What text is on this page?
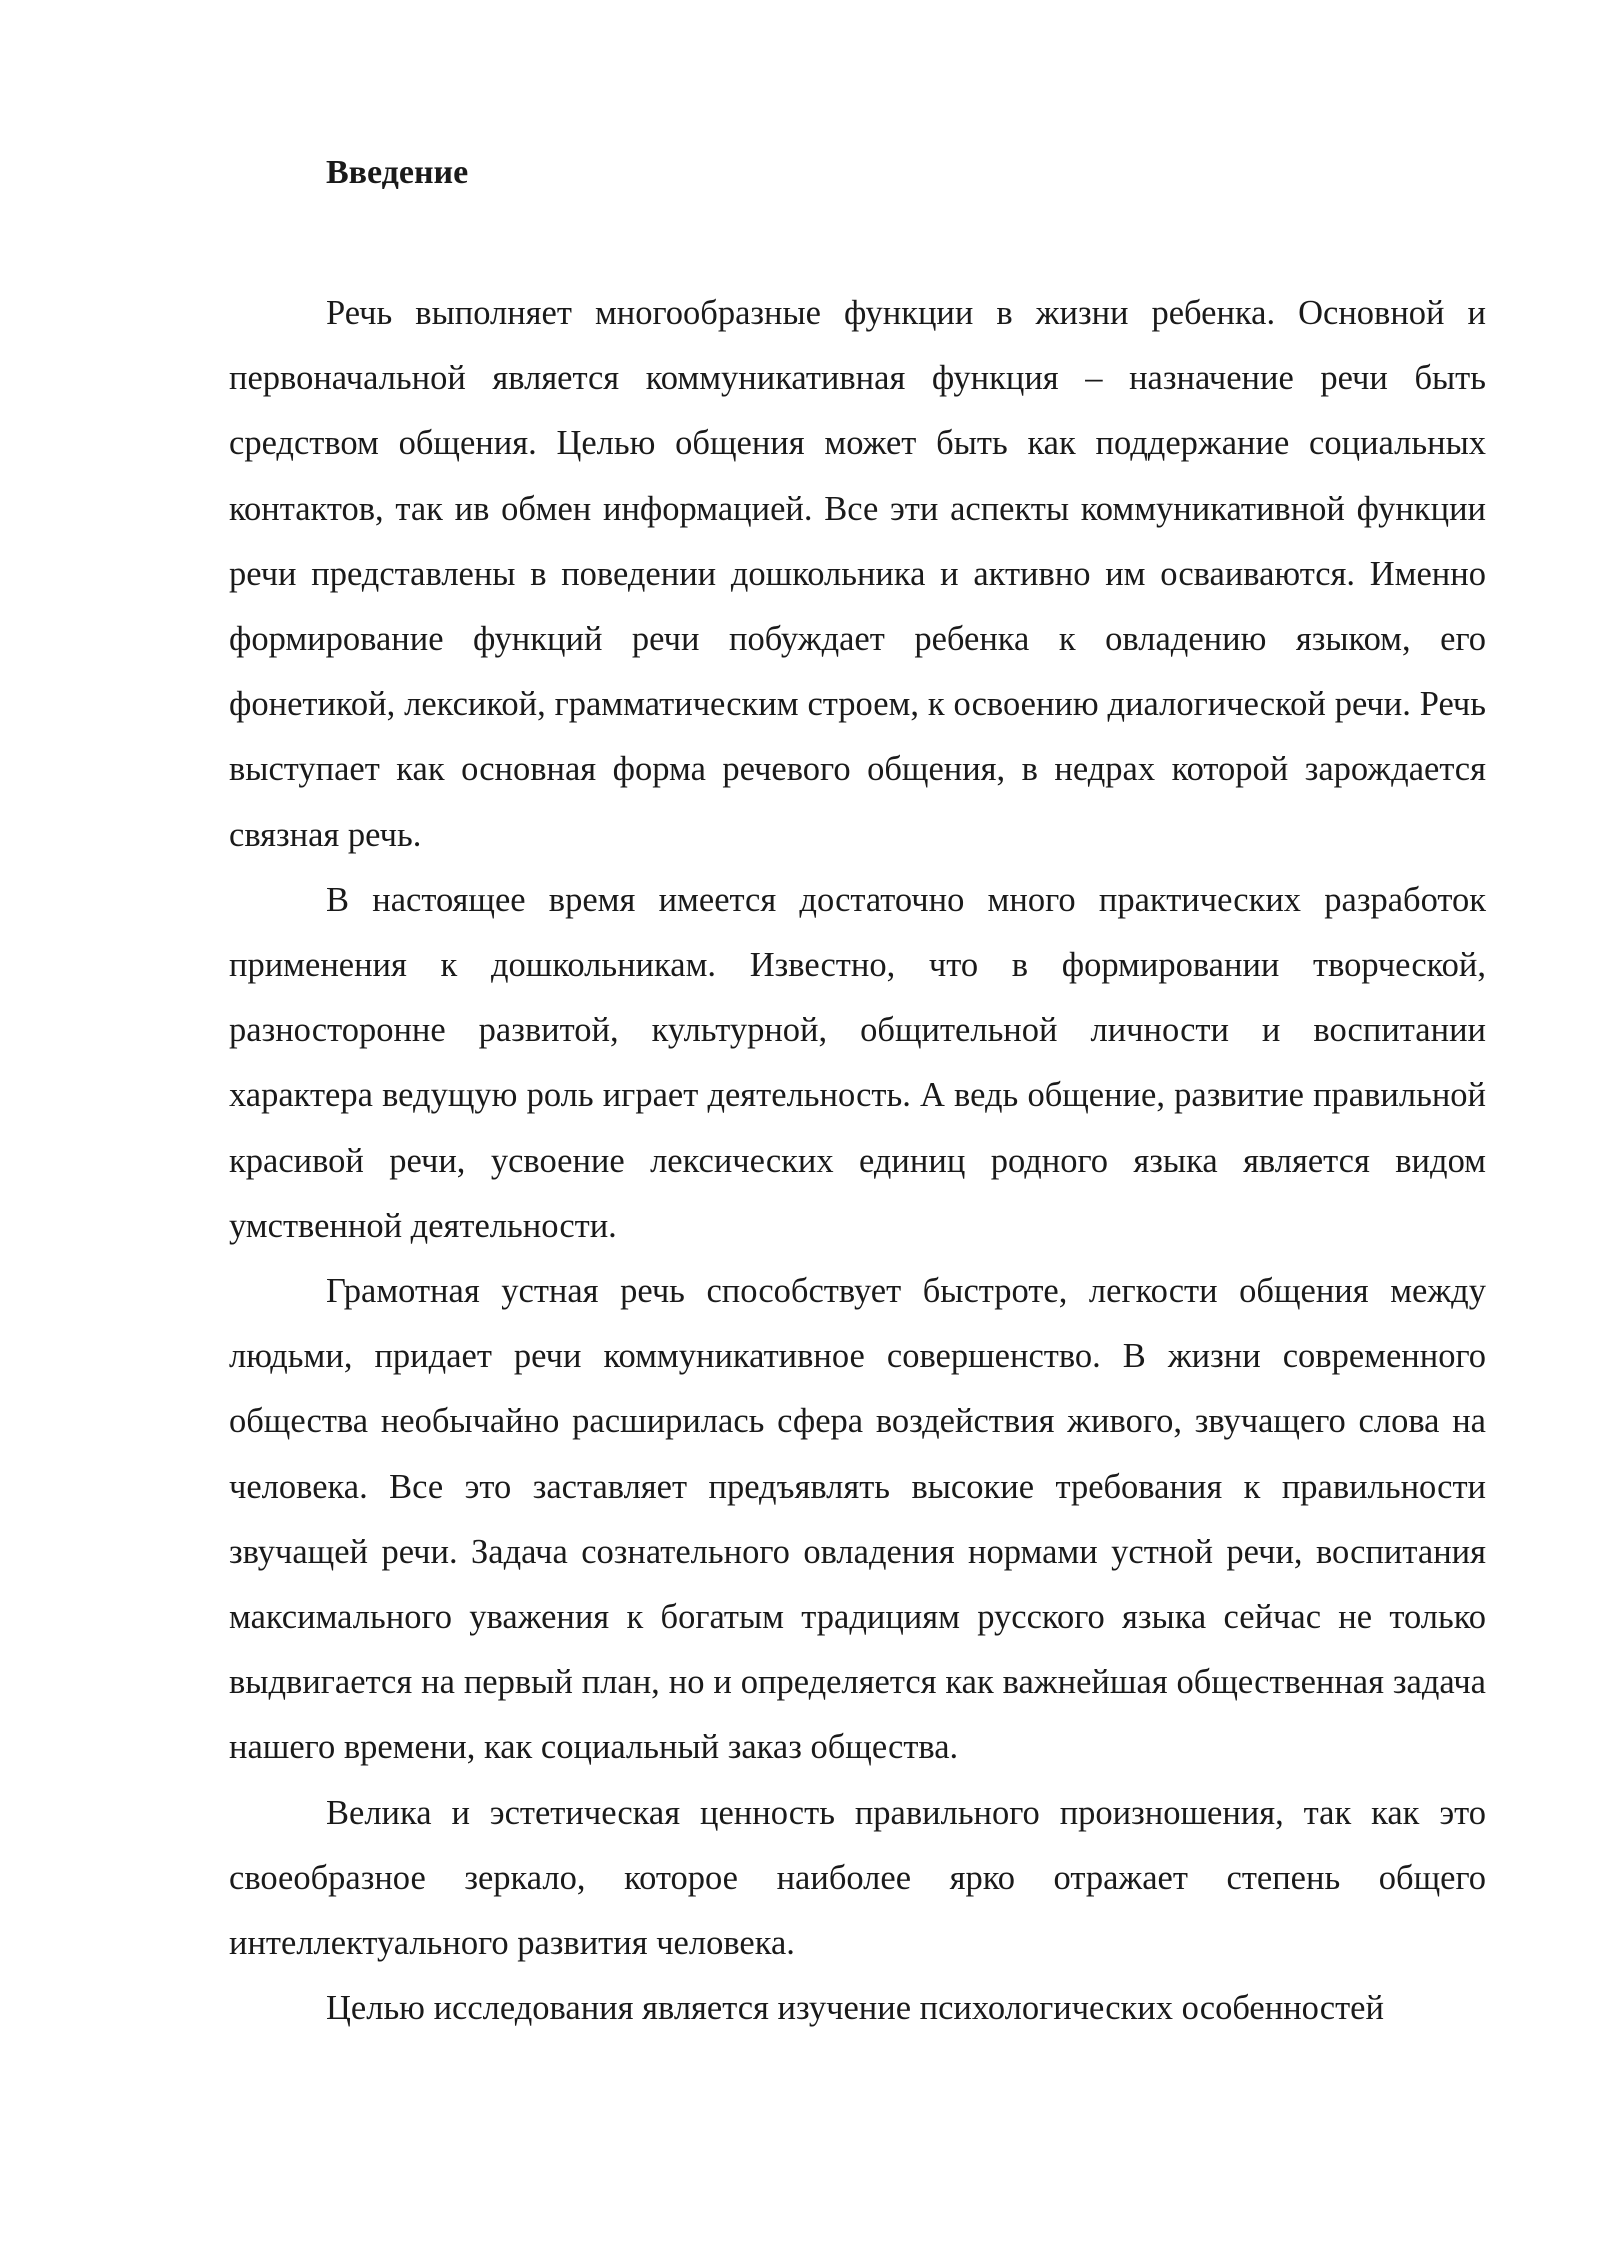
Введение

Речь выполняет многообразные функции в жизни ребенка. Основной и первоначальной является коммуникативная функция – назначение речи быть средством общения. Целью общения может быть как поддержание социальных контактов, так ив обмен информацией. Все эти аспекты коммуникативной функции речи представлены в поведении дошкольника и активно им осваиваются. Именно формирование функций речи побуждает ребенка к овладению языком, его фонетикой, лексикой, грамматическим строем, к освоению диалогической речи. Речь выступает как основная форма речевого общения, в недрах которой зарождается связная речь.

В настоящее время имеется достаточно много практических разработок применения к дошкольникам. Известно, что в формировании творческой, разносторонне развитой, культурной, общительной личности и воспитании характера ведущую роль играет деятельность. А ведь общение, развитие правильной красивой речи, усвоение лексических единиц родного языка является видом умственной деятельности.

Грамотная устная речь способствует быстроте, легкости общения между людьми, придает речи коммуникативное совершенство. В жизни современного общества необычайно расширилась сфера воздействия живого, звучащего слова на человека. Все это заставляет предъявлять высокие требования к правильности звучащей речи. Задача сознательного овладения нормами устной речи, воспитания максимального уважения к богатым традициям русского языка сейчас не только выдвигается на первый план, но и определяется как важнейшая общественная задача нашего времени, как социальный заказ общества.

Велика и эстетическая ценность правильного произношения, так как это своеобразное зеркало, которое наиболее ярко отражает степень общего интеллектуального развития человека.

Целью исследования является изучение психологических особенностей
